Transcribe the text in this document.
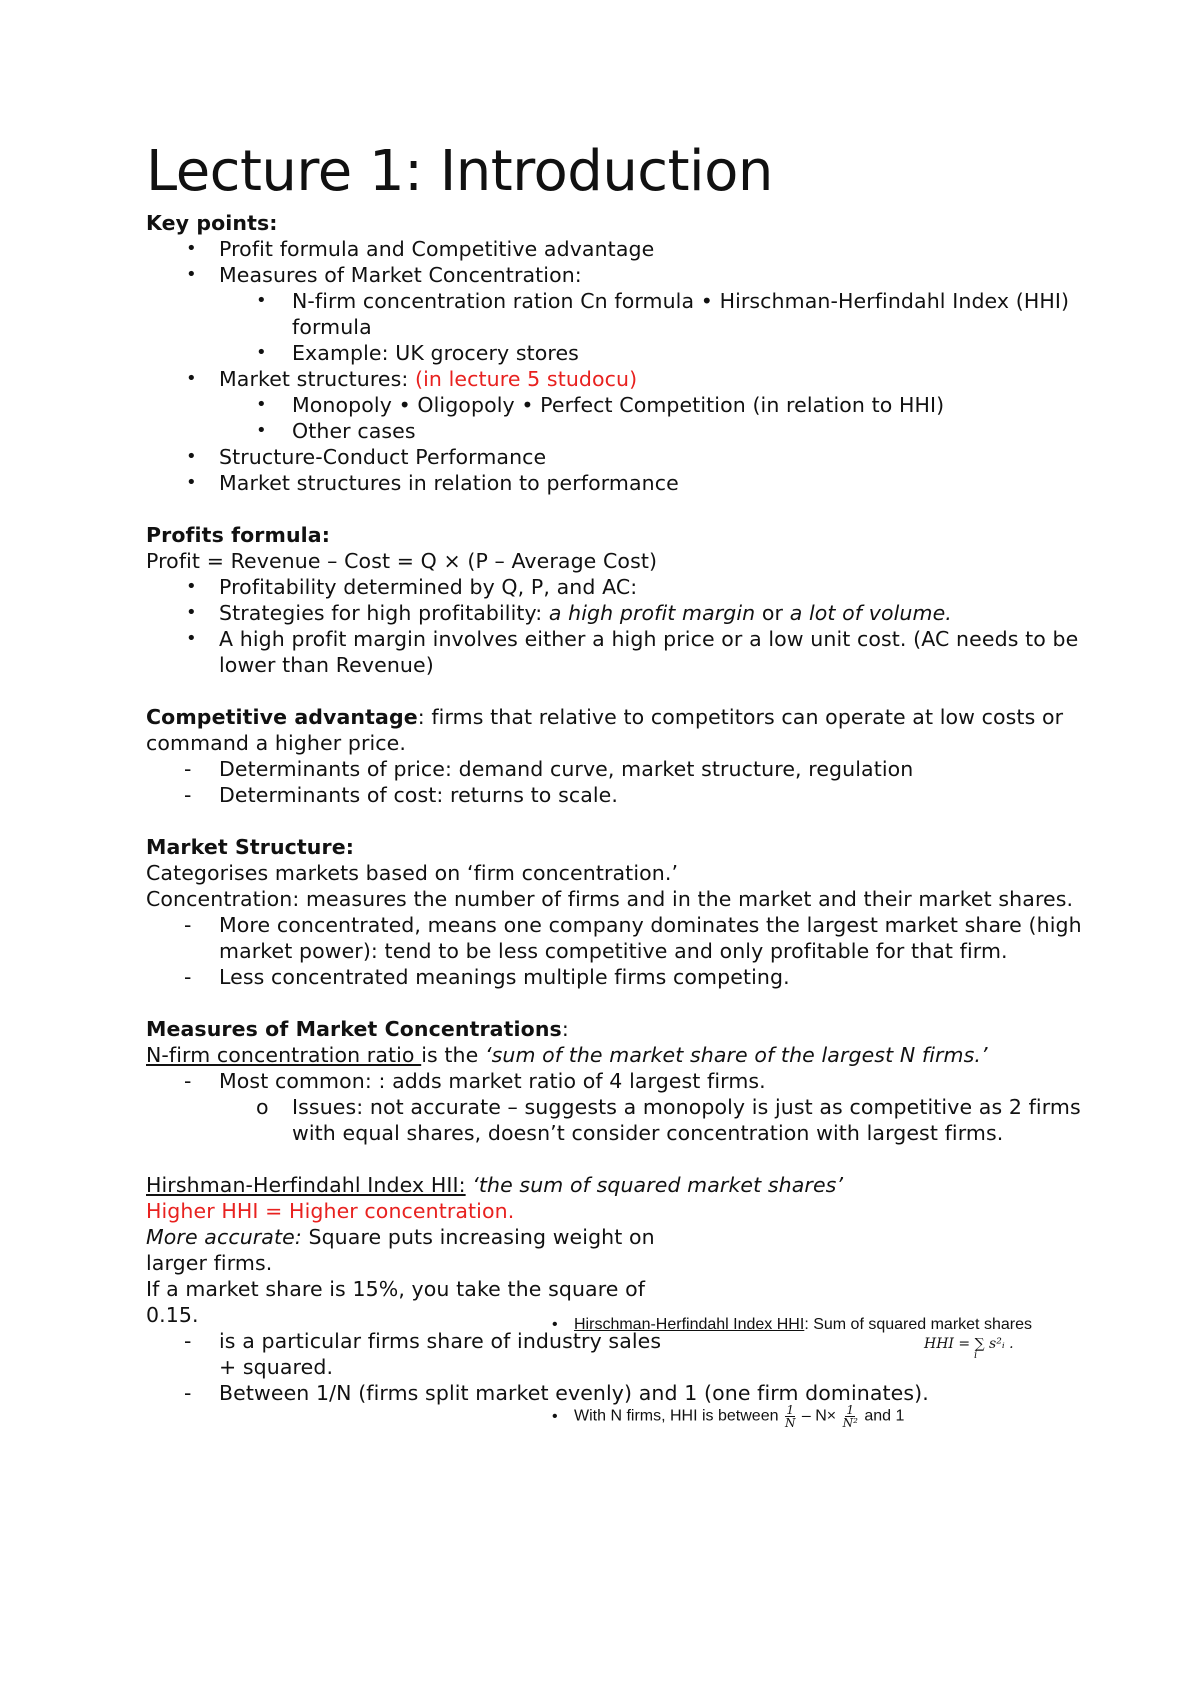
Lecture 1: Introduction

Key points:

• Profit formula and Competitive advantage
• Measures of Market Concentration:
• N-firm concentration ration Cn formula • Hirschman-Herfindahl Index (HHI) formula
• Example: UK grocery stores
• Market structures: (in lecture 5 studocu)
• Monopoly • Oligopoly • Perfect Competition (in relation to HHI)
• Other cases
• Structure-Conduct Performance
• Market structures in relation to performance

Profits formula:

Profit = Revenue – Cost = Q × (P – Average Cost)

• Profitability determined by Q, P, and AC:
• Strategies for high profitability: a high profit margin or a lot of volume.
• A high profit margin involves either a high price or a low unit cost. (AC needs to be lower than Revenue)

Competitive advantage: firms that relative to competitors can operate at low costs or command a higher price.

- Determinants of price: demand curve, market structure, regulation
- Determinants of cost: returns to scale.

Market Structure:

Categorises markets based on ‘firm concentration.’

Concentration: measures the number of firms and in the market and their market shares.

- More concentrated, means one company dominates the largest market share (high market power): tend to be less competitive and only profitable for that firm.
- Less concentrated meanings multiple firms competing.

Measures of Market Concentrations:

N-firm concentration ratio is the ‘sum of the market share of the largest N firms.’

- Most common: : adds market ratio of 4 largest firms.
o Issues: not accurate – suggests a monopoly is just as competitive as 2 firms with equal shares, doesn’t consider concentration with largest firms.

Hirshman-Herfindahl Index HII: ‘the sum of squared market shares’

Higher HHI = Higher concentration.

More accurate: Square puts increasing weight on larger firms.

If a market share is 15%, you take the square of 0.15.

- is a particular firms share of industry sales + squared.
- Between 1/N (firms split market evenly) and 1 (one firm dominates).
• Hirschman-Herfindahl Index HHI: Sum of squared market shares
HHI = ∑ s²ᵢ .
i
• With N firms, HHI is between $\frac{1}{N} - N\times \frac{1}{\text{N²}}$ and 1
